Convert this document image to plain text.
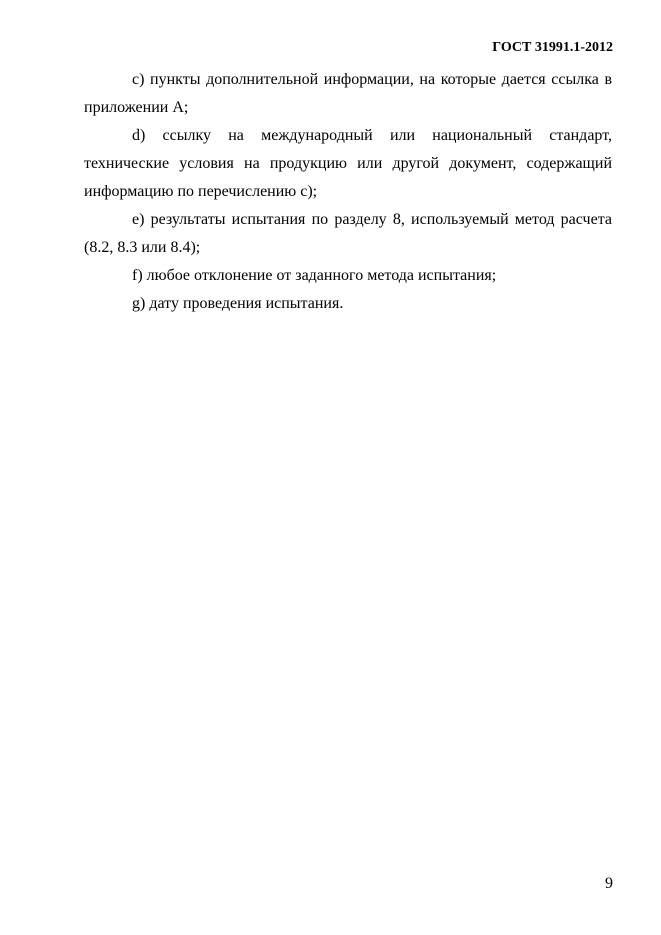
ГОСТ 31991.1-2012

c) пункты дополнительной информации, на которые дается ссылка в приложении А;

d) ссылку на международный или национальный стандарт, технические условия на продукцию или другой документ, содержащий информацию по перечислению с);

e) результаты испытания по разделу 8, используемый метод расчета (8.2, 8.3 или 8.4);

f) любое отклонение от заданного метода испытания;

g) дату проведения испытания.

9
